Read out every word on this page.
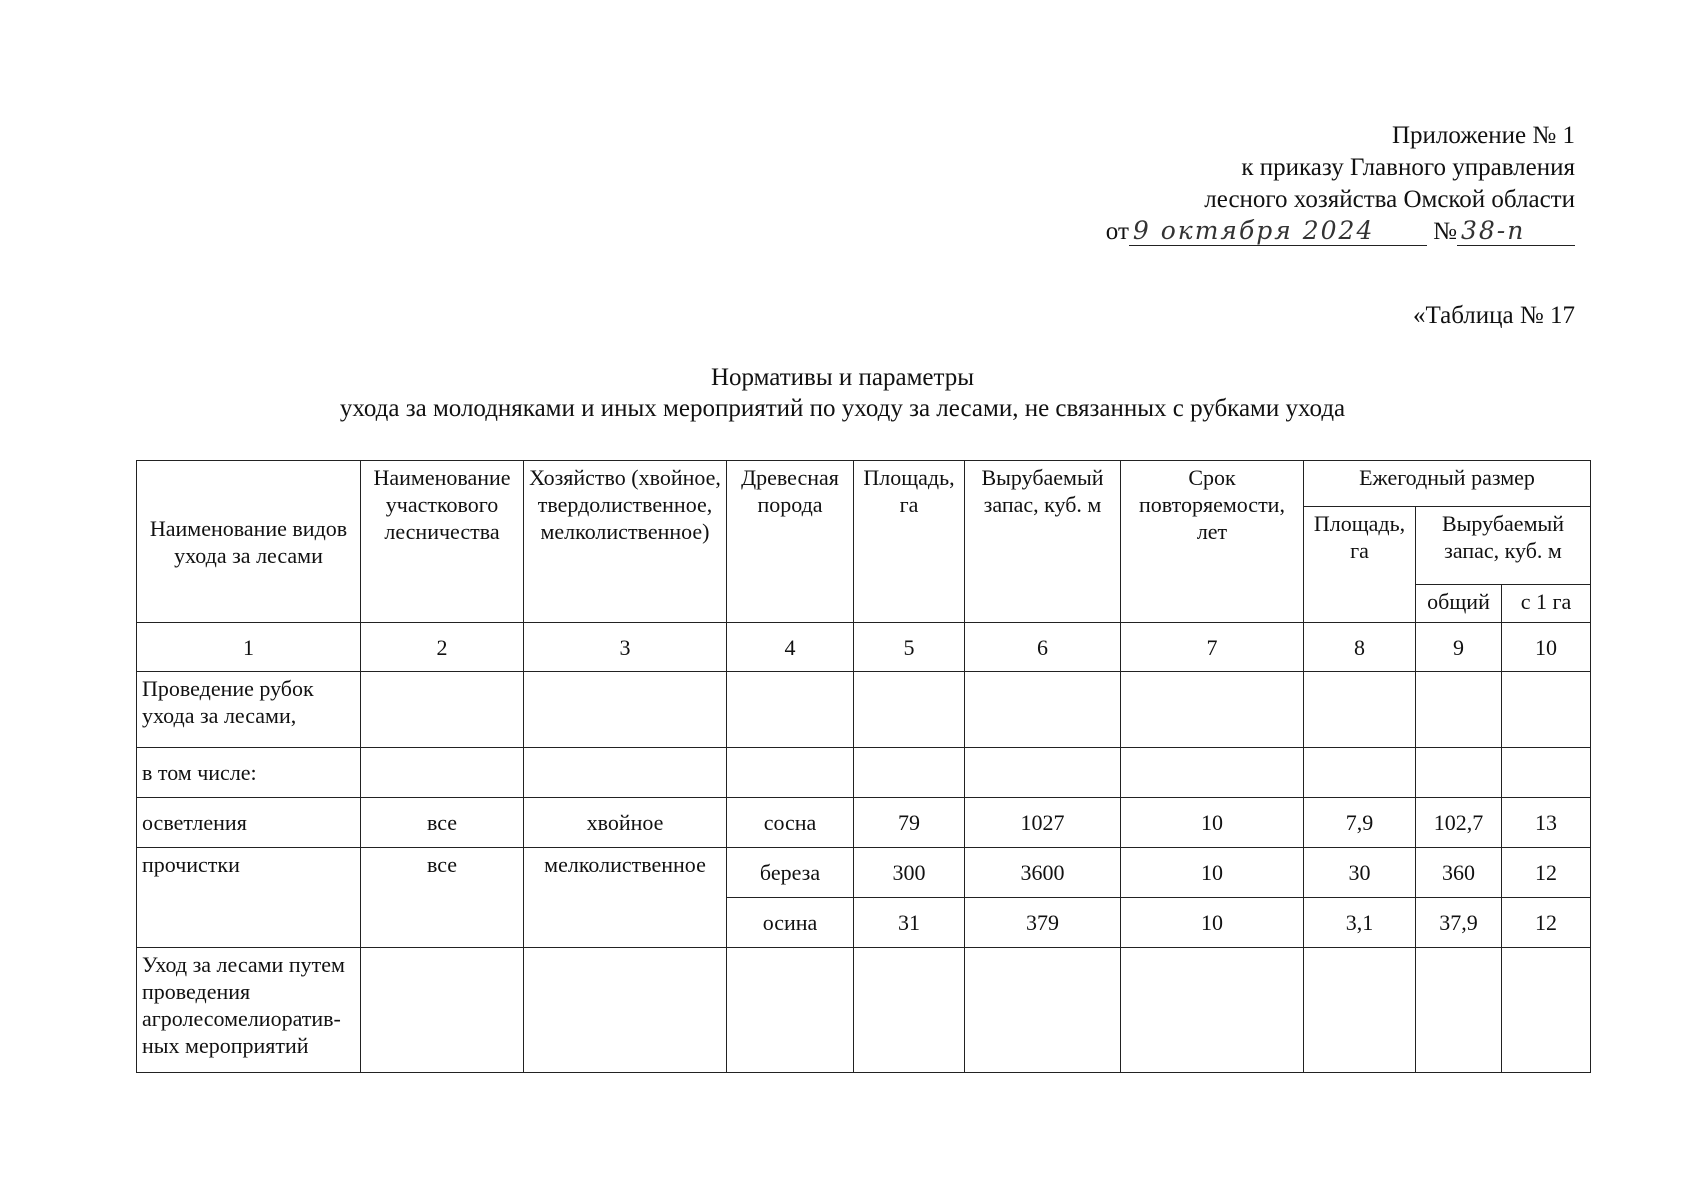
Приложение № 1
к приказу Главного управления
лесного хозяйства Омской области
от 9 октября 2024 № 38-п
«Таблица № 17
Нормативы и параметры
ухода за молодняками и иных мероприятий по уходу за лесами, не связанных с рубками ухода
Наименование видов ухода за лесами	Наименование участкового лесничества	Хозяйство (хвойное, твердолиственное, мелколиственное)	Древесная порода	Площадь, га	Вырубаемый запас, куб. м	Срок повторяемости, лет	Ежегодный размер		
							Площадь, га	Вырубаемый запас, куб. м	
								общий	с 1 га
1	2	3	4	5	6	7	8	9	10
Проведение рубок ухода за лесами,									
в том числе:									
осветления	все	хвойное	сосна	79	1027	10	7,9	102,7	13
прочистки	все	мелколиственное	береза	300	3600	10	30	360	12
			осина	31	379	10	3,1	37,9	12
Уход за лесами путем проведения агролесомелиоратив-ных мероприятий									
